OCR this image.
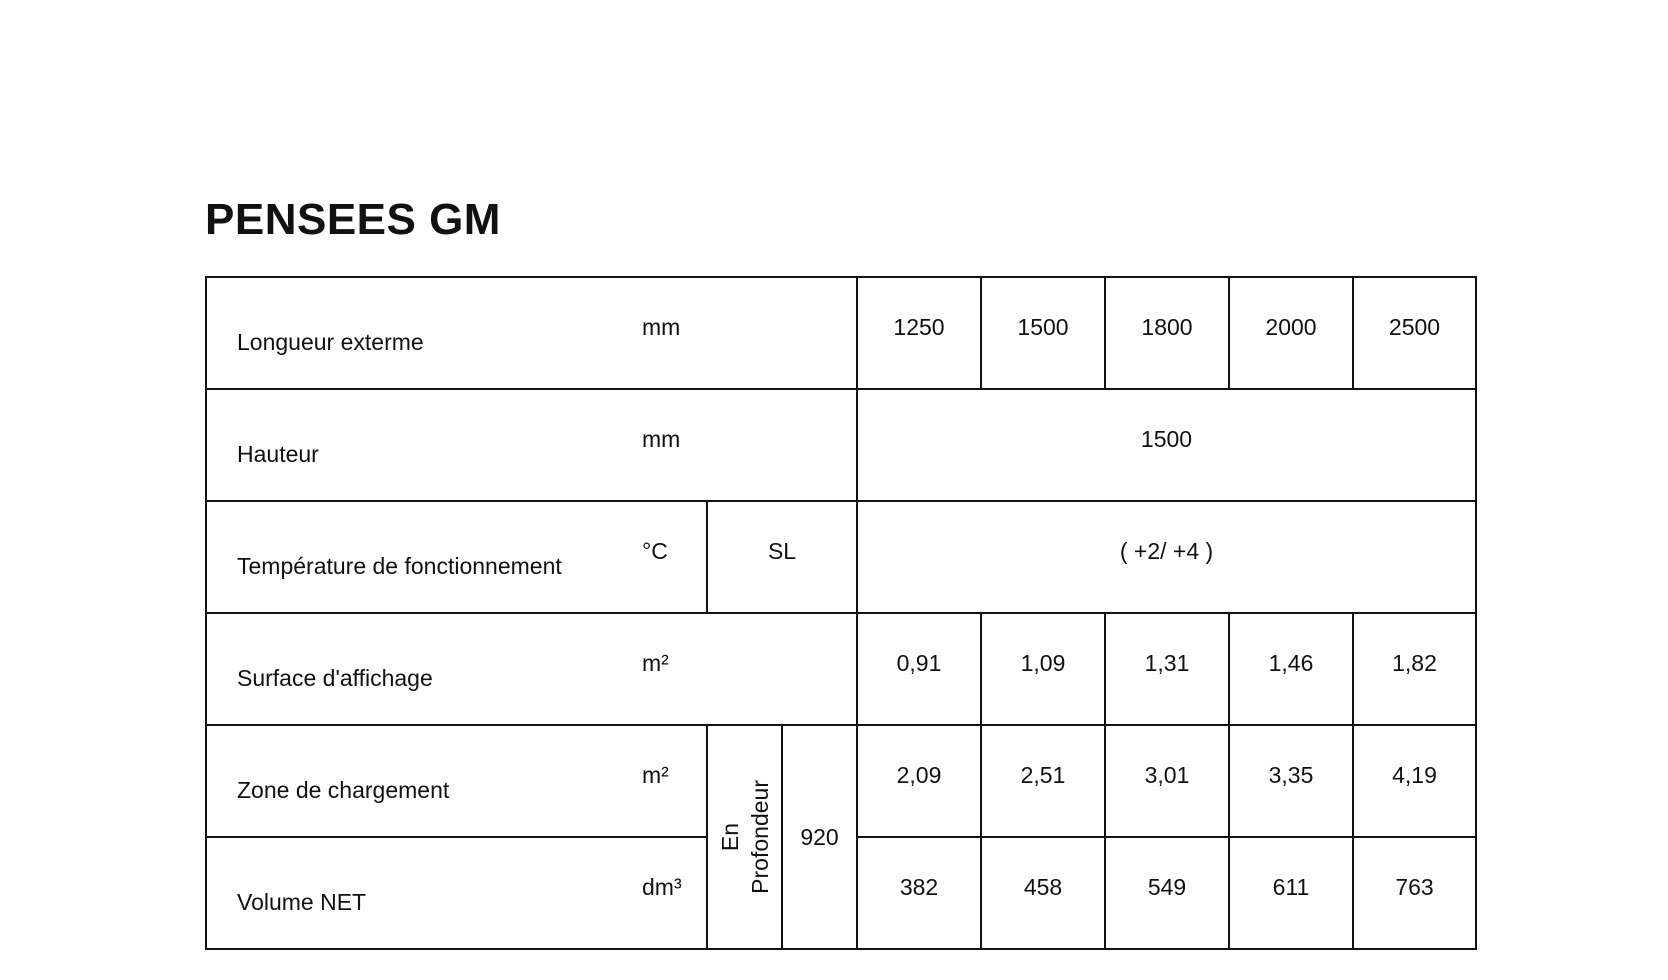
PENSEES GM
Longueur exterme	mm			1250	1500	1800	2000	2500
Hauteur	mm			1500				
Température de fonctionnement	°C	SL		( +2/ +4 )				
Surface d'affichage	m²			0,91	1,09	1,31	1,46	1,82
Zone de chargement	m²	En Profondeur	920	2,09	2,51	3,01	3,35	4,19
Volume NET	dm³			382	458	549	611	763
